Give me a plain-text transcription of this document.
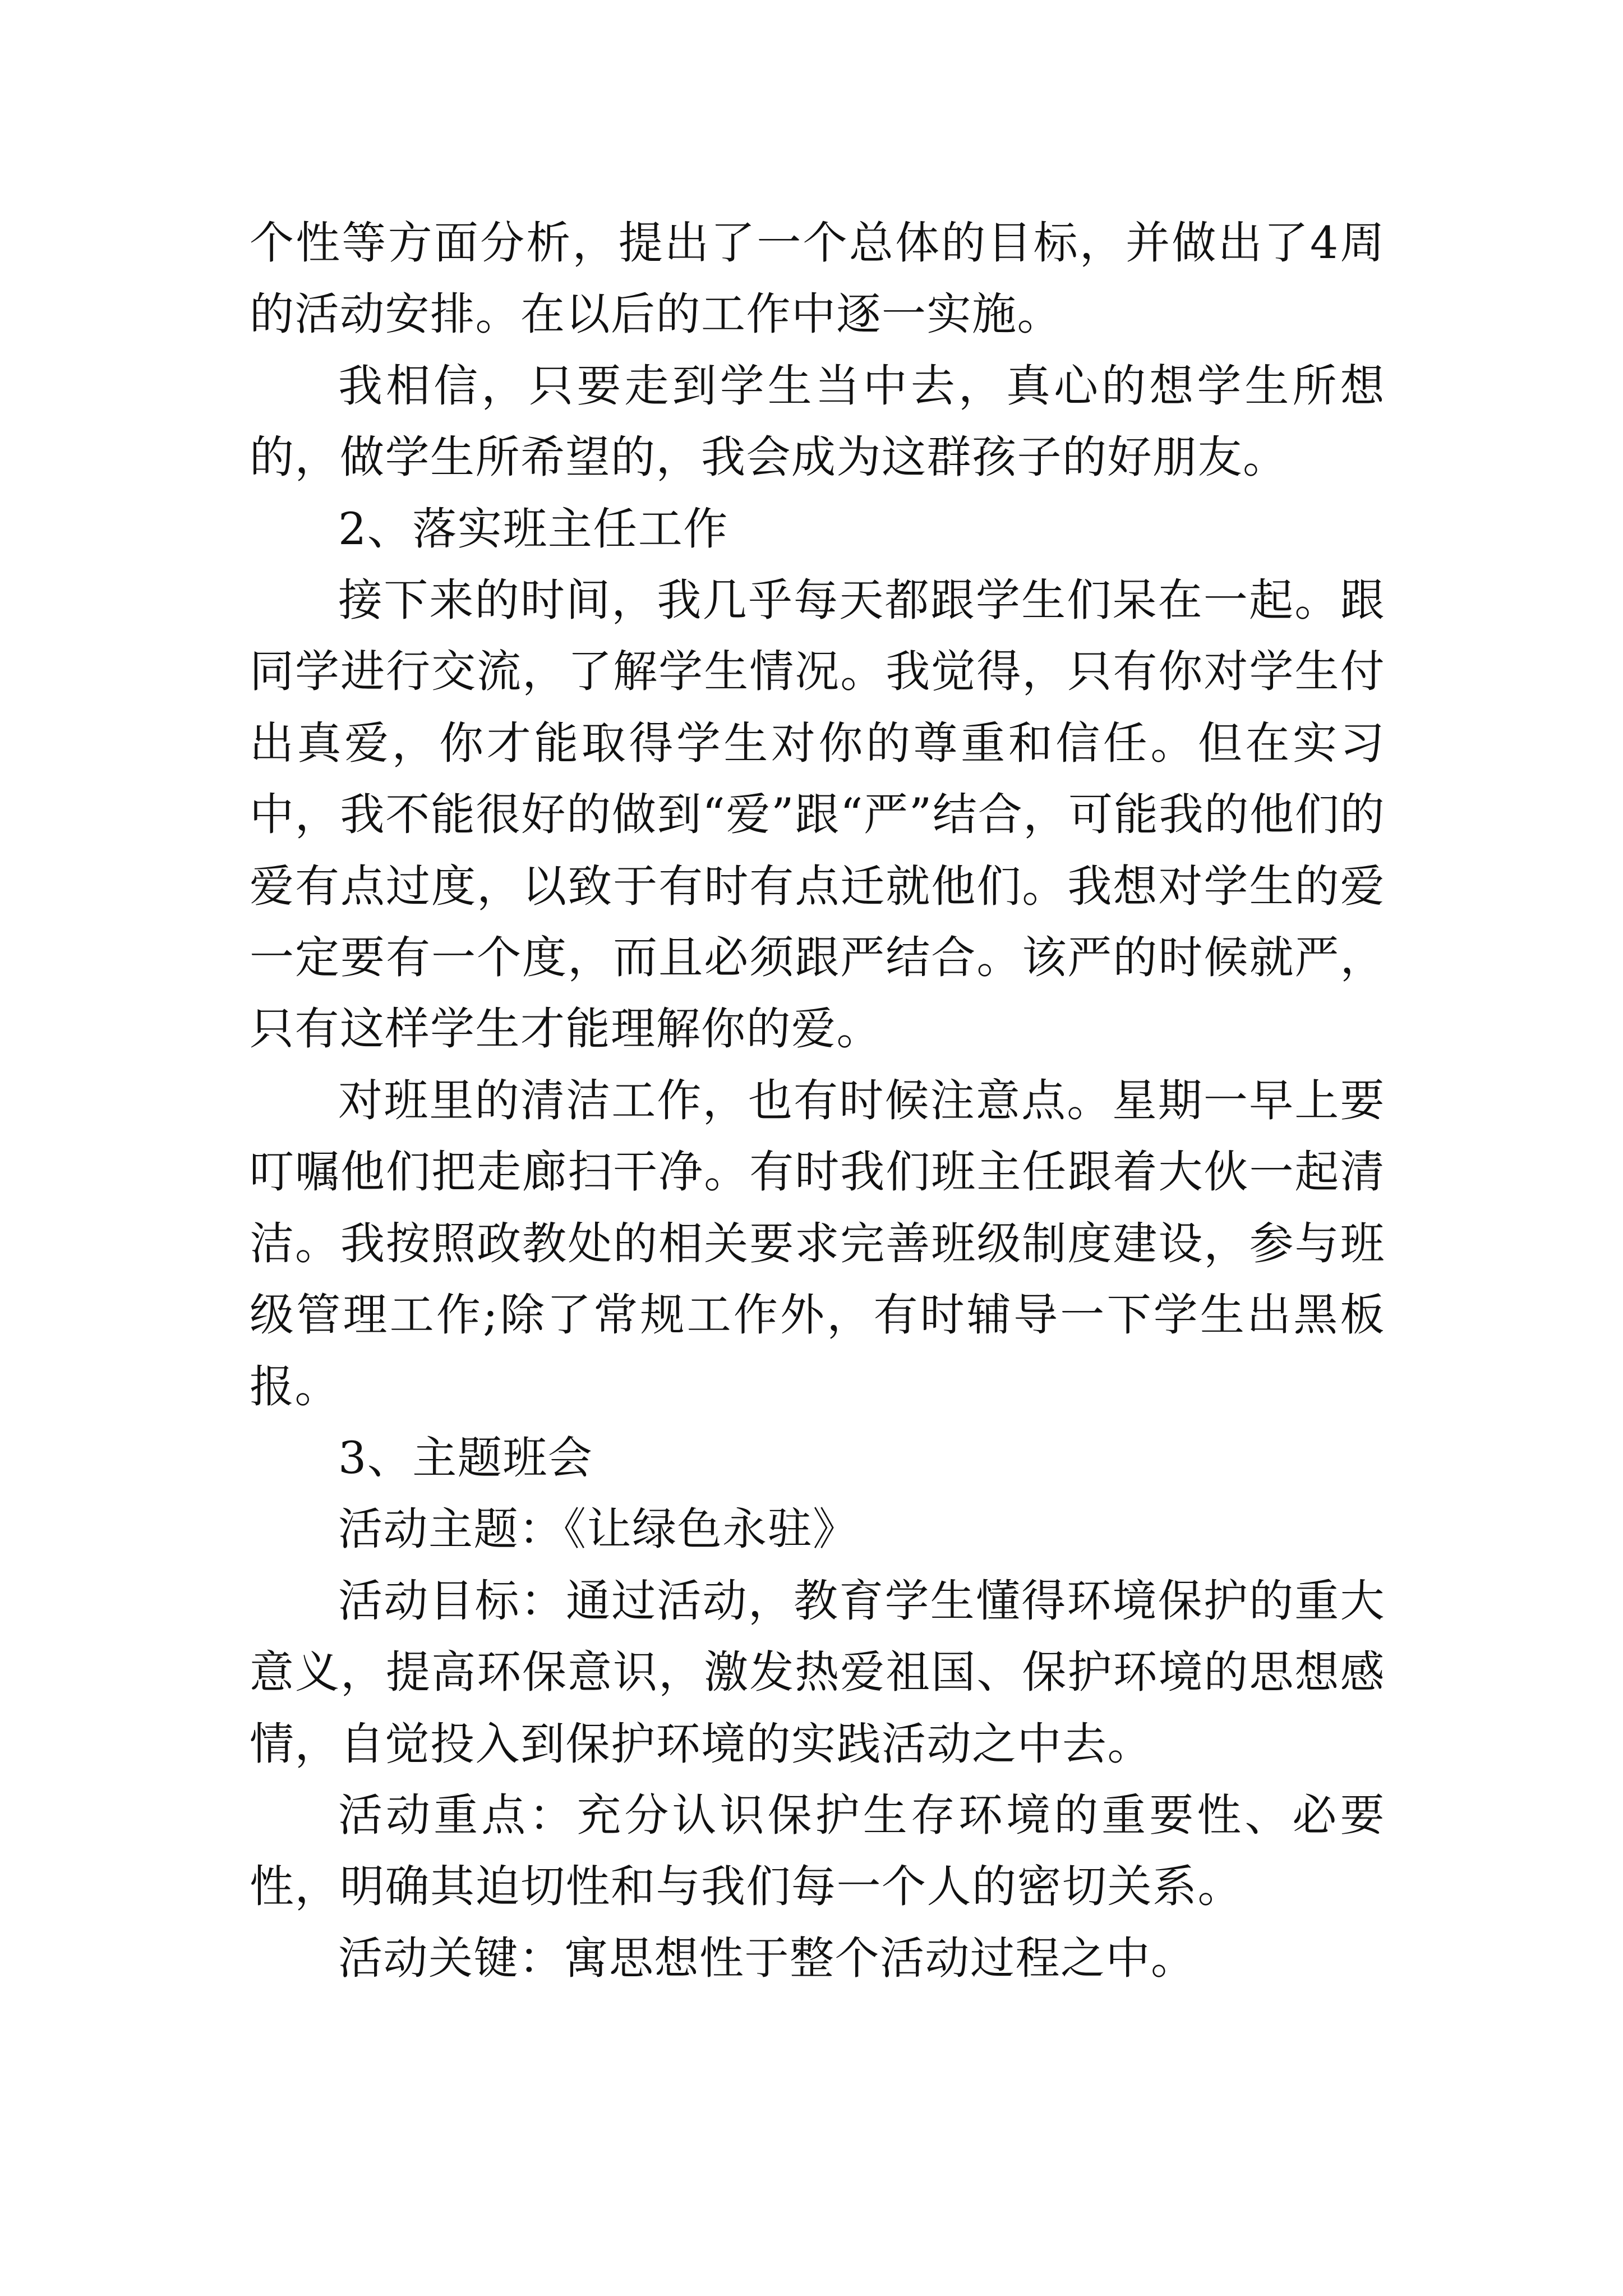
个性等方面分析，提出了一个总体的目标，并做出了4周的活动安排。在以后的工作中逐一实施。

我相信，只要走到学生当中去，真心的想学生所想的，做学生所希望的，我会成为这群孩子的好朋友。

2、落实班主任工作

接下来的时间，我几乎每天都跟学生们呆在一起。跟同学进行交流，了解学生情况。我觉得，只有你对学生付出真爱，你才能取得学生对你的尊重和信任。但在实习中，我不能很好的做到“爱”跟“严”结合，可能我的他们的爱有点过度，以致于有时有点迁就他们。我想对学生的爱一定要有一个度，而且必须跟严结合。该严的时候就严，只有这样学生才能理解你的爱。

对班里的清洁工作，也有时候注意点。星期一早上要叮嘱他们把走廊扫干净。有时我们班主任跟着大伙一起清洁。我按照政教处的相关要求完善班级制度建设，参与班级管理工作;除了常规工作外，有时辅导一下学生出黑板报。

3、主题班会

活动主题：《让绿色永驻》

活动目标：通过活动，教育学生懂得环境保护的重大意义，提高环保意识，激发热爱祖国、保护环境的思想感情，自觉投入到保护环境的实践活动之中去。

活动重点：充分认识保护生存环境的重要性、必要性，明确其迫切性和与我们每一个人的密切关系。

活动关键：寓思想性于整个活动过程之中。
